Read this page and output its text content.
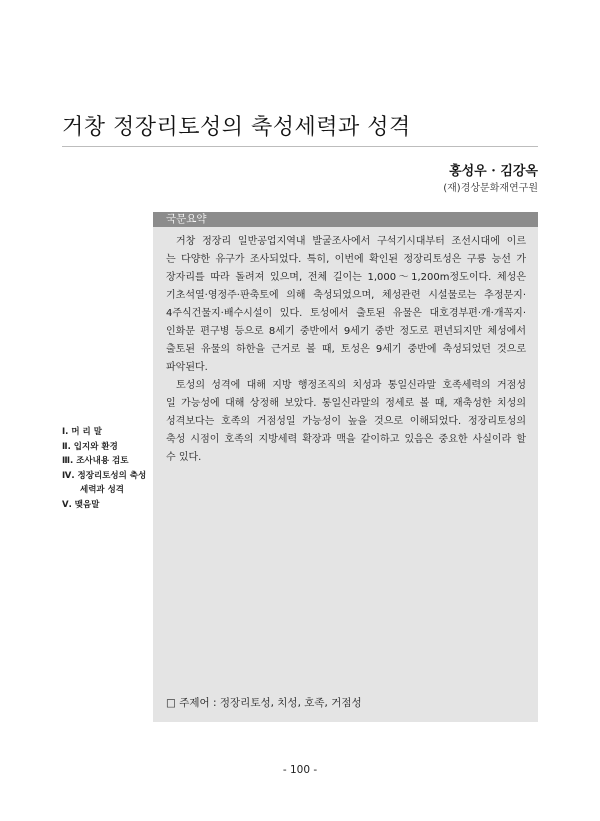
거창 정장리토성의 축성세력과 성격
홍성우 · 김강옥
(재)경상문화재연구원
Ⅰ. 머 리 말
Ⅱ. 입지와 환경
Ⅲ. 조사내용 검토
Ⅳ. 정장리토성의 축성
세력과 성격
Ⅴ. 맺음말
국문요약
거창 정장리 일반공업지역내 발굴조사에서 구석기시대부터 조선시대에 이르
는 다양한 유구가 조사되었다. 특히, 이번에 확인된 정장리토성은 구릉 능선 가
장자리를 따라 돌려져 있으며, 전체 길이는 1,000～1,200m정도이다. 체성은
기초석열·영정주·판축토에 의해 축성되었으며, 체성관련 시설물로는 추정문지·
4주식건물지·배수시설이 있다. 토성에서 출토된 유물은 대호경부편·개·개꼭지·
인화문 편구병 등으로 8세기 중반에서 9세기 중반 정도로 편년되지만 체성에서
출토된 유물의 하한을 근거로 볼 때, 토성은 9세기 중반에 축성되었던 것으로
파악된다.
토성의 성격에 대해 지방 행정조직의 치성과 통일신라말 호족세력의 거점성
일 가능성에 대해 상정해 보았다. 통일신라말의 정세로 볼 때, 재축성한 치성의
성격보다는 호족의 거점성일 가능성이 높을 것으로 이해되었다. 정장리토성의
축성 시점이 호족의 지방세력 확장과 맥을 같이하고 있음은 중요한 사실이라 할
수 있다.
□ 주제어 : 정장리토성, 치성, 호족, 거점성
- 100 -
